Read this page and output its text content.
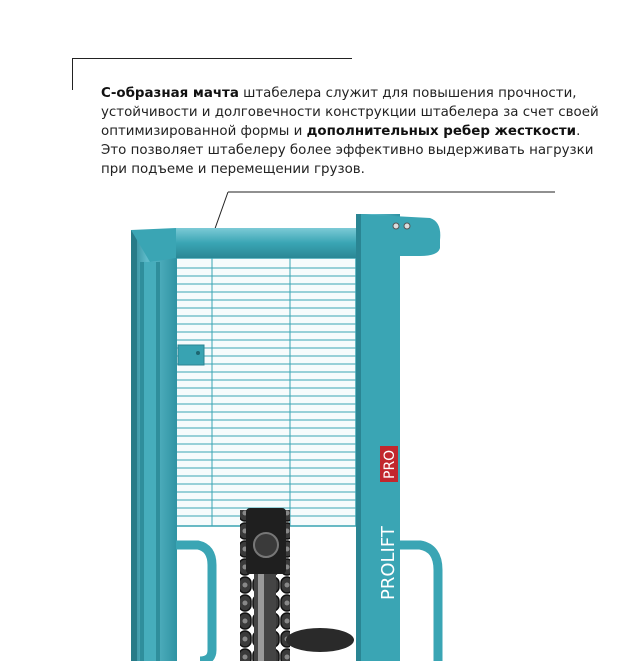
С-образная мачта штабелера служит для повышения прочности, устойчивости и долговечности конструкции штабелера за счет своей оптимизированной формы и дополнительных ребер жесткости. Это позволяет штабелеру более эффективно выдерживать нагрузки при подъеме и перемещении грузов.
PROLIFT
PRO
